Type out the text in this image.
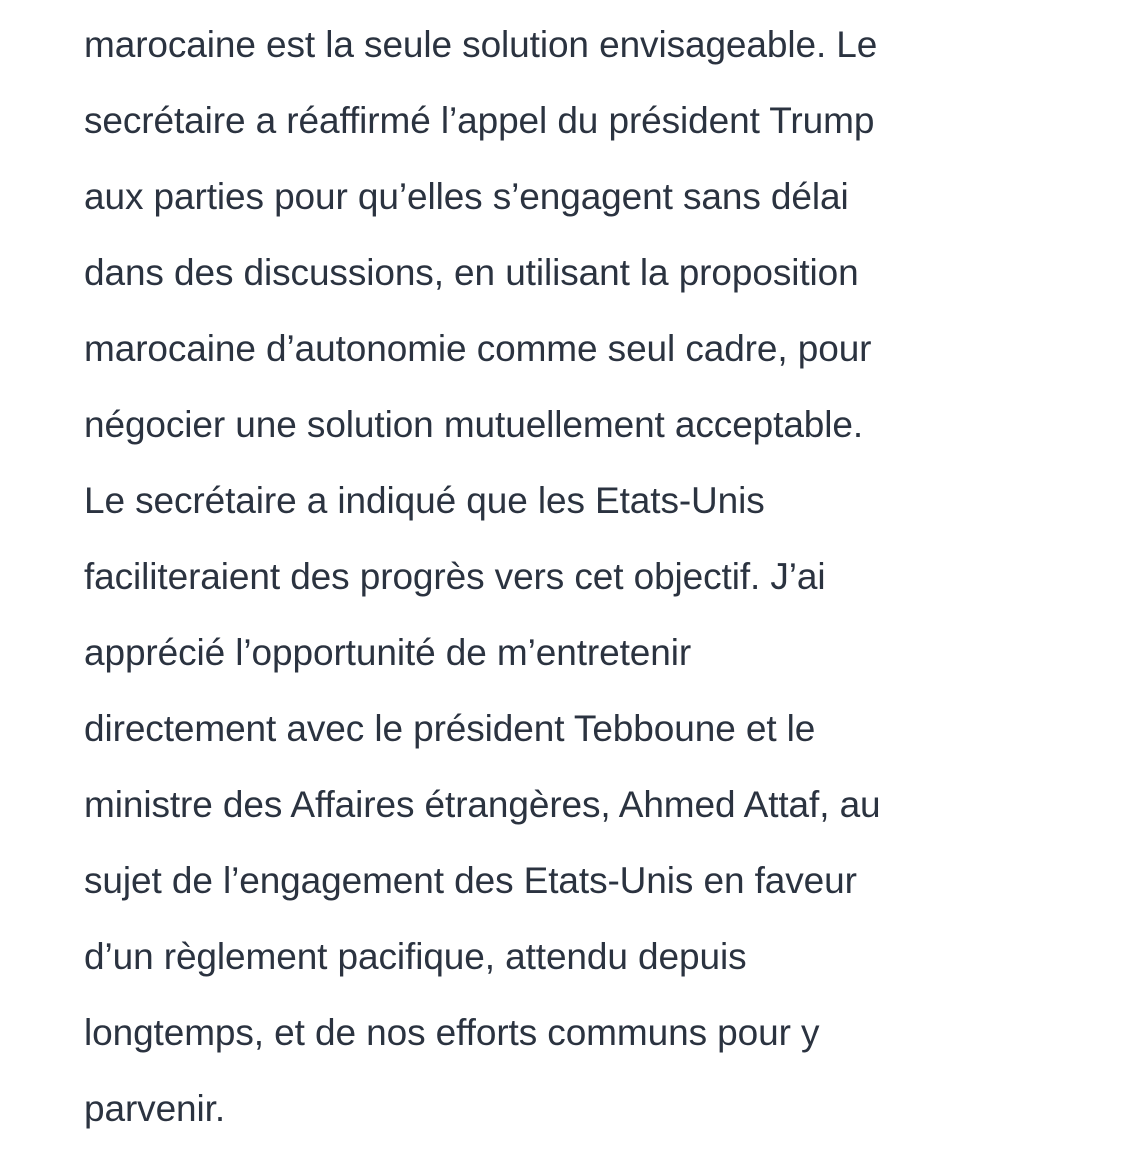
marocaine est la seule solution envisageable. Le
secrétaire a réaffirmé l’appel du président Trump
aux parties pour qu’elles s’engagent sans délai
dans des discussions, en utilisant la proposition
marocaine d’autonomie comme seul cadre, pour
négocier une solution mutuellement acceptable.
Le secrétaire a indiqué que les Etats-Unis
faciliteraient des progrès vers cet objectif. J’ai
apprécié l’opportunité de m’entretenir
directement avec le président Tebboune et le
ministre des Affaires étrangères, Ahmed Attaf, au
sujet de l’engagement des Etats-Unis en faveur
d’un règlement pacifique, attendu depuis
longtemps, et de nos efforts communs pour y
parvenir.
